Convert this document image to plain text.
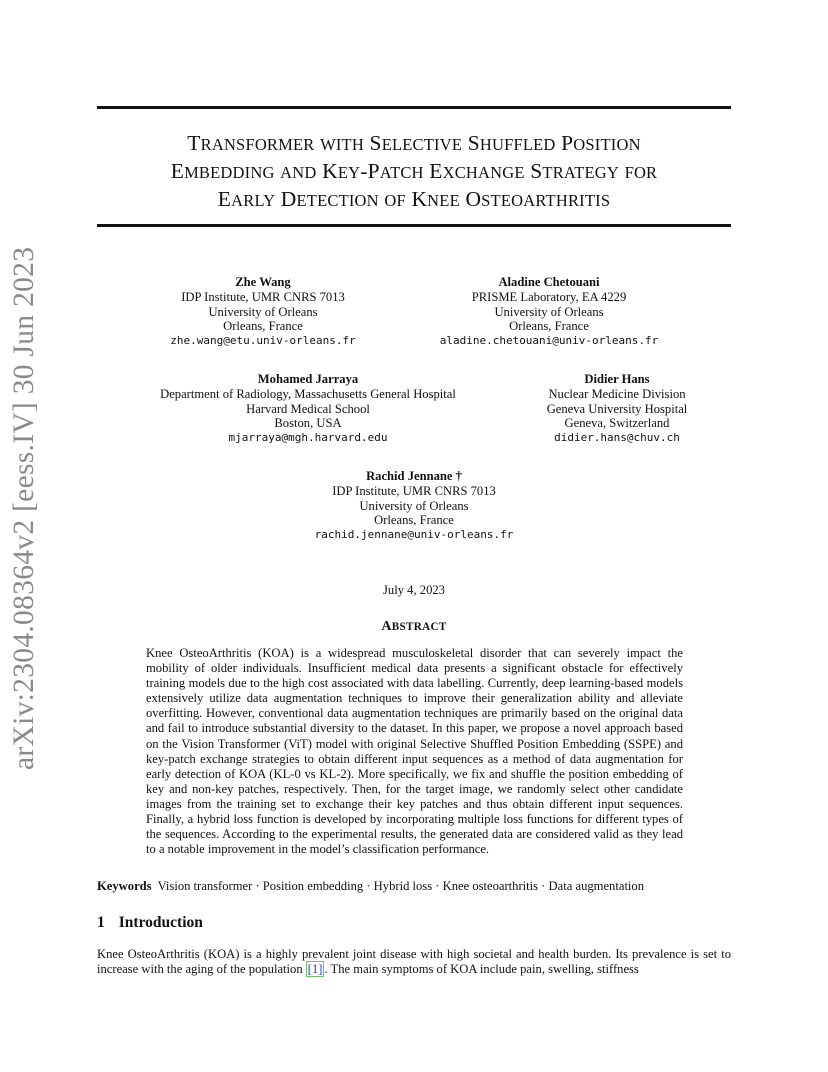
arXiv:2304.08364v2 [eess.IV] 30 Jun 2023
TRANSFORMER WITH SELECTIVE SHUFFLED POSITION
EMBEDDING AND KEY-PATCH EXCHANGE STRATEGY FOR
EARLY DETECTION OF KNEE OSTEOARTHRITIS
Zhe Wang
IDP Institute, UMR CNRS 7013
University of Orleans
Orleans, France
zhe.wang@etu.univ-orleans.fr
Aladine Chetouani
PRISME Laboratory, EA 4229
University of Orleans
Orleans, France
aladine.chetouani@univ-orleans.fr
Mohamed Jarraya
Department of Radiology, Massachusetts General Hospital
Harvard Medical School
Boston, USA
mjarraya@mgh.harvard.edu
Didier Hans
Nuclear Medicine Division
Geneva University Hospital
Geneva, Switzerland
didier.hans@chuv.ch
Rachid Jennane †
IDP Institute, UMR CNRS 7013
University of Orleans
Orleans, France
rachid.jennane@univ-orleans.fr
July 4, 2023
ABSTRACT
Knee OsteoArthritis (KOA) is a widespread musculoskeletal disorder that can severely impact the mobility of older individuals. Insufficient medical data presents a significant obstacle for effectively training models due to the high cost associated with data labelling. Currently, deep learning-based models extensively utilize data augmentation techniques to improve their generalization ability and alleviate overfitting. However, conventional data augmentation techniques are primarily based on the original data and fail to introduce substantial diversity to the dataset. In this paper, we propose a novel approach based on the Vision Transformer (ViT) model with original Selective Shuffled Position Embedding (SSPE) and key-patch exchange strategies to obtain different input sequences as a method of data augmentation for early detection of KOA (KL-0 vs KL-2). More specifically, we fix and shuffle the position embedding of key and non-key patches, respectively. Then, for the target image, we randomly select other candidate images from the training set to exchange their key patches and thus obtain different input sequences. Finally, a hybrid loss function is developed by incorporating multiple loss functions for different types of the sequences. According to the experimental results, the generated data are considered valid as they lead to a notable improvement in the model’s classification performance.
Keywords Vision transformer · Position embedding · Hybrid loss · Knee osteoarthritis · Data augmentation
1 Introduction
Knee OsteoArthritis (KOA) is a highly prevalent joint disease with high societal and health burden. Its prevalence is set to increase with the aging of the population [1] . The main symptoms of KOA include pain, swelling, stiffness
